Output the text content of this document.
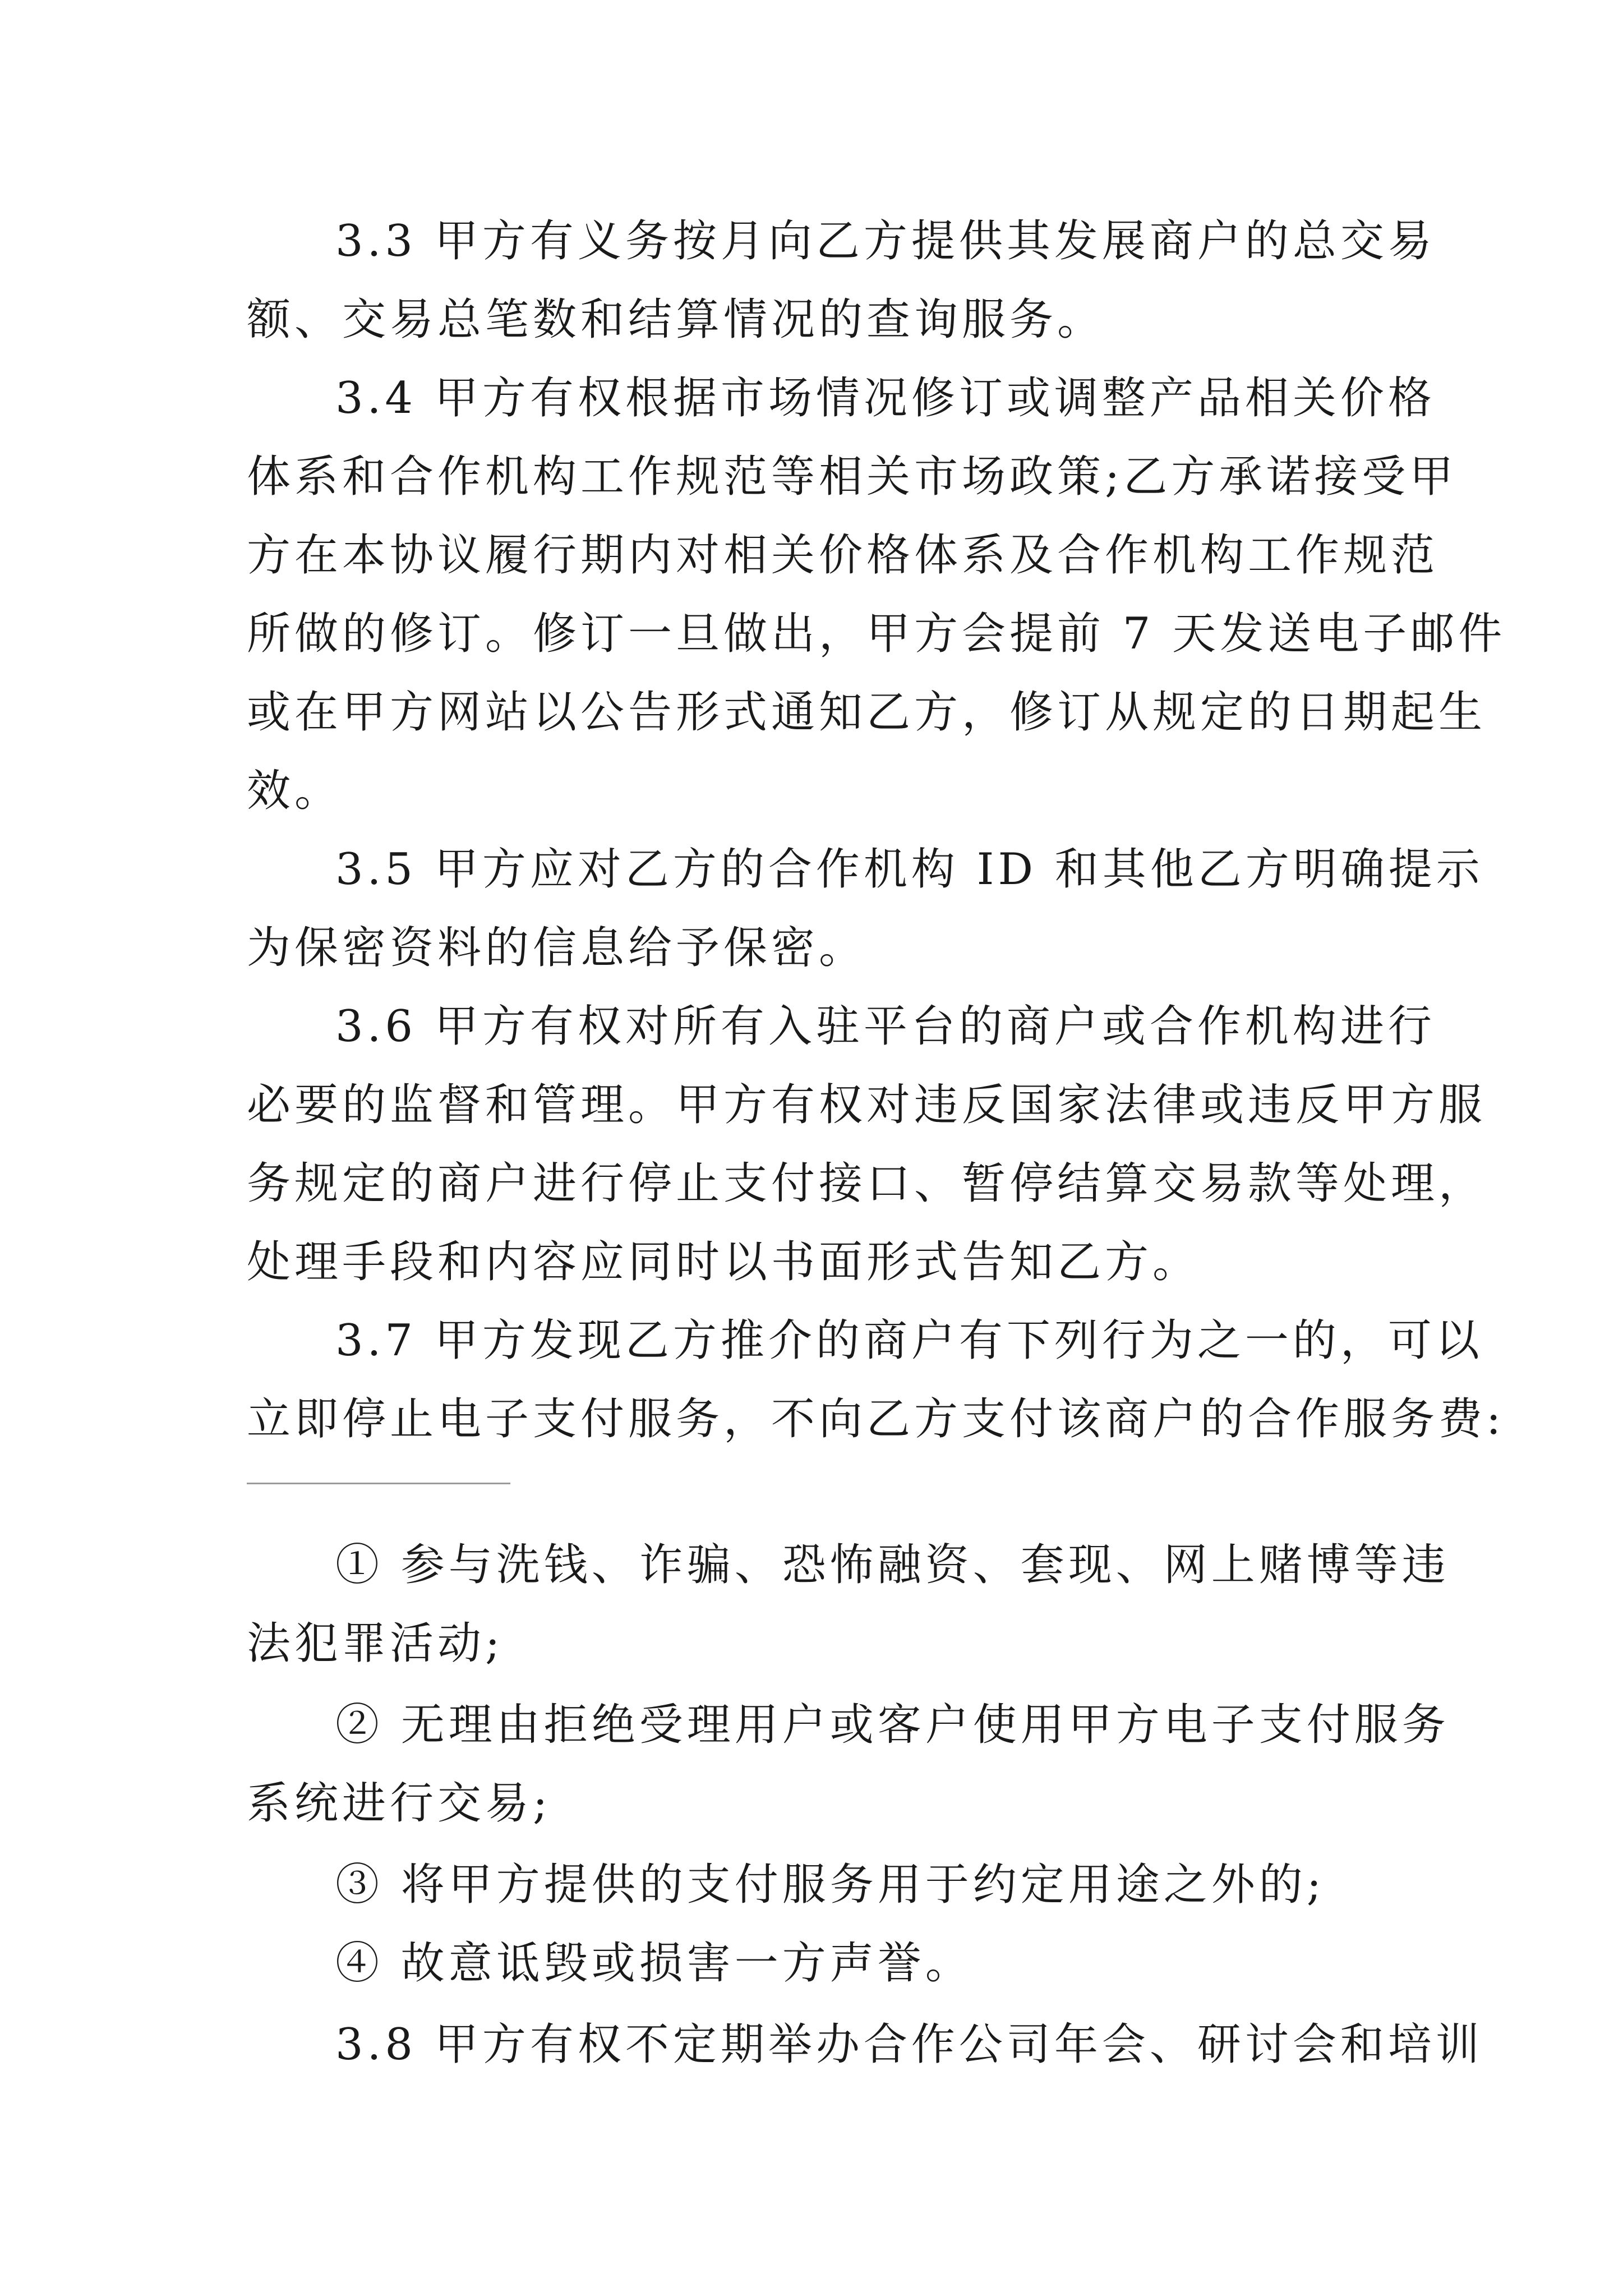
3.3 甲方有义务按月向乙方提供其发展商户的总交易
额、交易总笔数和结算情况的查询服务。
3.4 甲方有权根据市场情况修订或调整产品相关价格
体系和合作机构工作规范等相关市场政策;乙方承诺接受甲
方在本协议履行期内对相关价格体系及合作机构工作规范
所做的修订。修订一旦做出，甲方会提前 7 天发送电子邮件
或在甲方网站以公告形式通知乙方，修订从规定的日期起生
效。
3.5 甲方应对乙方的合作机构 ID 和其他乙方明确提示
为保密资料的信息给予保密。
3.6 甲方有权对所有入驻平台的商户或合作机构进行
必要的监督和管理。甲方有权对违反国家法律或违反甲方服
务规定的商户进行停止支付接口、暂停结算交易款等处理，
处理手段和内容应同时以书面形式告知乙方。
3.7 甲方发现乙方推介的商户有下列行为之一的，可以
立即停止电子支付服务，不向乙方支付该商户的合作服务费:
① 参与洗钱、诈骗、恐怖融资、套现、网上赌博等违
法犯罪活动;
② 无理由拒绝受理用户或客户使用甲方电子支付服务
系统进行交易;
③ 将甲方提供的支付服务用于约定用途之外的;
④ 故意诋毁或损害一方声誉。
3.8 甲方有权不定期举办合作公司年会、研讨会和培训
